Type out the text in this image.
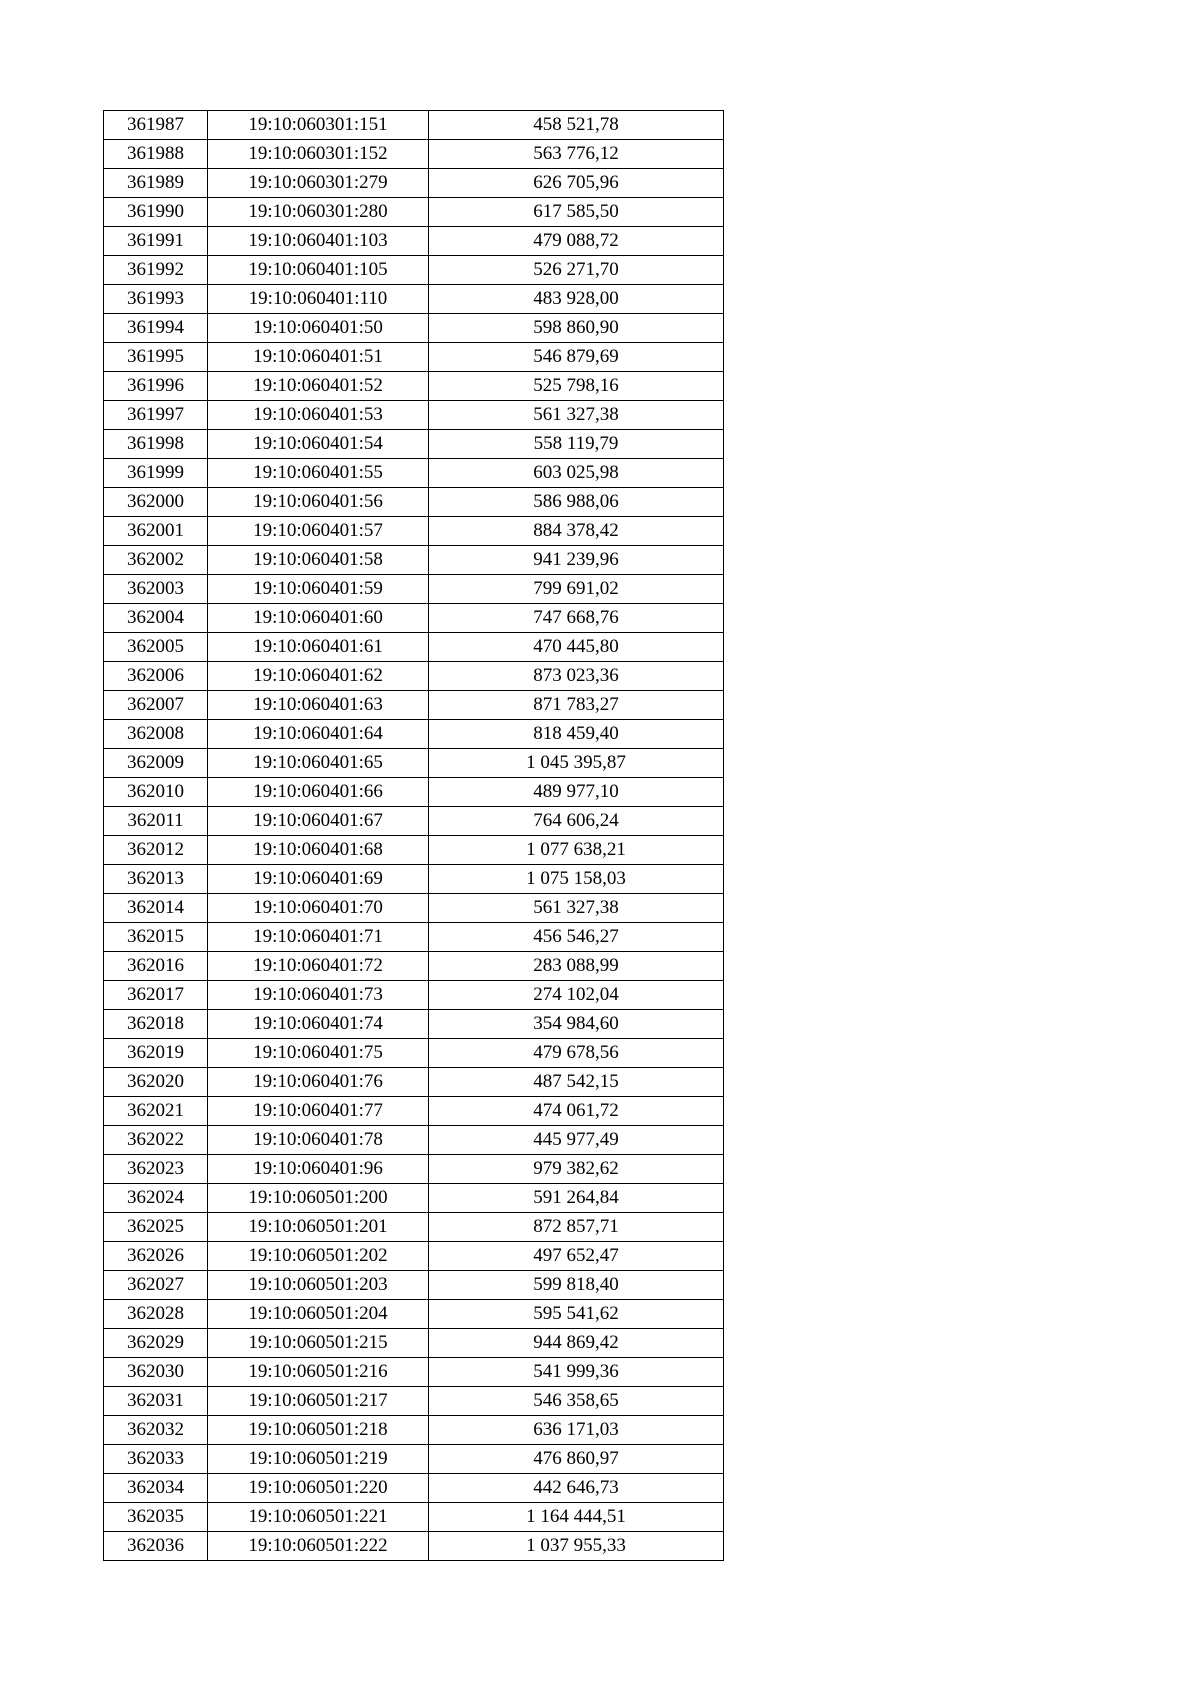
361987	19:10:060301:151	458 521,78
361988	19:10:060301:152	563 776,12
361989	19:10:060301:279	626 705,96
361990	19:10:060301:280	617 585,50
361991	19:10:060401:103	479 088,72
361992	19:10:060401:105	526 271,70
361993	19:10:060401:110	483 928,00
361994	19:10:060401:50	598 860,90
361995	19:10:060401:51	546 879,69
361996	19:10:060401:52	525 798,16
361997	19:10:060401:53	561 327,38
361998	19:10:060401:54	558 119,79
361999	19:10:060401:55	603 025,98
362000	19:10:060401:56	586 988,06
362001	19:10:060401:57	884 378,42
362002	19:10:060401:58	941 239,96
362003	19:10:060401:59	799 691,02
362004	19:10:060401:60	747 668,76
362005	19:10:060401:61	470 445,80
362006	19:10:060401:62	873 023,36
362007	19:10:060401:63	871 783,27
362008	19:10:060401:64	818 459,40
362009	19:10:060401:65	1 045 395,87
362010	19:10:060401:66	489 977,10
362011	19:10:060401:67	764 606,24
362012	19:10:060401:68	1 077 638,21
362013	19:10:060401:69	1 075 158,03
362014	19:10:060401:70	561 327,38
362015	19:10:060401:71	456 546,27
362016	19:10:060401:72	283 088,99
362017	19:10:060401:73	274 102,04
362018	19:10:060401:74	354 984,60
362019	19:10:060401:75	479 678,56
362020	19:10:060401:76	487 542,15
362021	19:10:060401:77	474 061,72
362022	19:10:060401:78	445 977,49
362023	19:10:060401:96	979 382,62
362024	19:10:060501:200	591 264,84
362025	19:10:060501:201	872 857,71
362026	19:10:060501:202	497 652,47
362027	19:10:060501:203	599 818,40
362028	19:10:060501:204	595 541,62
362029	19:10:060501:215	944 869,42
362030	19:10:060501:216	541 999,36
362031	19:10:060501:217	546 358,65
362032	19:10:060501:218	636 171,03
362033	19:10:060501:219	476 860,97
362034	19:10:060501:220	442 646,73
362035	19:10:060501:221	1 164 444,51
362036	19:10:060501:222	1 037 955,33
